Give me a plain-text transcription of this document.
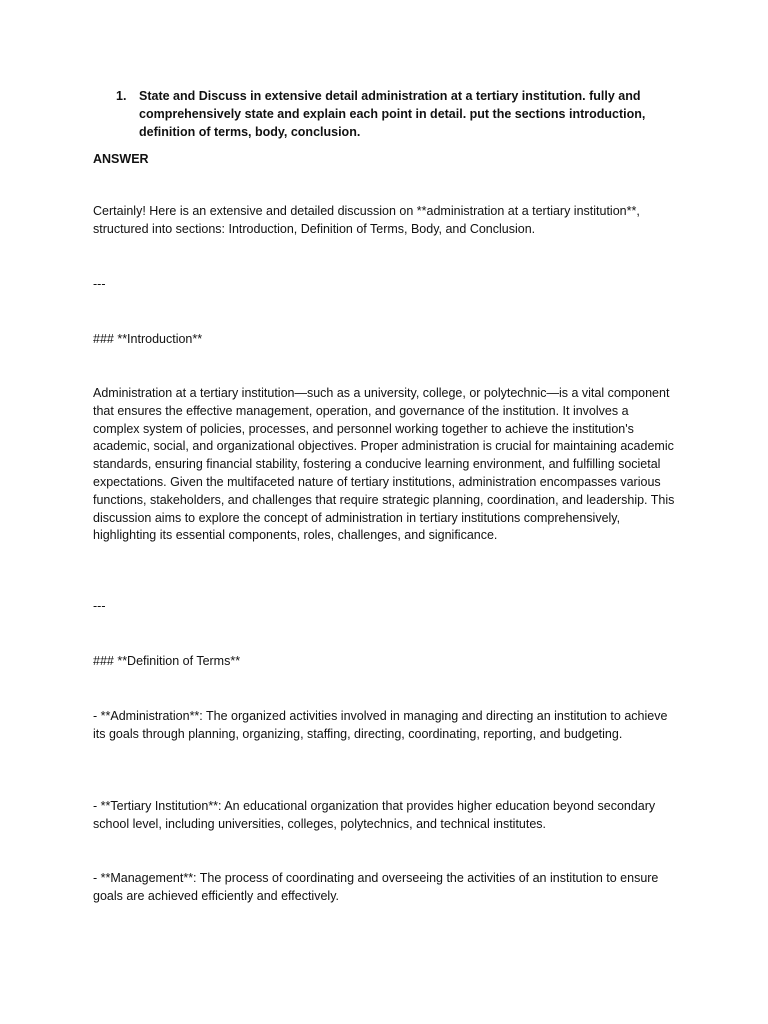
1. State and Discuss in extensive detail administration at a tertiary institution. fully and comprehensively state and explain each point in detail. put the sections introduction, definition of terms, body, conclusion.
ANSWER

Certainly! Here is an extensive and detailed discussion on **administration at a tertiary institution**, structured into sections: Introduction, Definition of Terms, Body, and Conclusion.

---

### **Introduction**

Administration at a tertiary institution—such as a university, college, or polytechnic—is a vital component that ensures the effective management, operation, and governance of the institution. It involves a complex system of policies, processes, and personnel working together to achieve the institution's academic, social, and organizational objectives. Proper administration is crucial for maintaining academic standards, ensuring financial stability, fostering a conducive learning environment, and fulfilling societal expectations. Given the multifaceted nature of tertiary institutions, administration encompasses various functions, stakeholders, and challenges that require strategic planning, coordination, and leadership. This discussion aims to explore the concept of administration in tertiary institutions comprehensively, highlighting its essential components, roles, challenges, and significance.

---

### **Definition of Terms**

- **Administration**: The organized activities involved in managing and directing an institution to achieve its goals through planning, organizing, staffing, directing, coordinating, reporting, and budgeting.

- **Tertiary Institution**: An educational organization that provides higher education beyond secondary school level, including universities, colleges, polytechnics, and technical institutes.

- **Management**: The process of coordinating and overseeing the activities of an institution to ensure goals are achieved efficiently and effectively.
